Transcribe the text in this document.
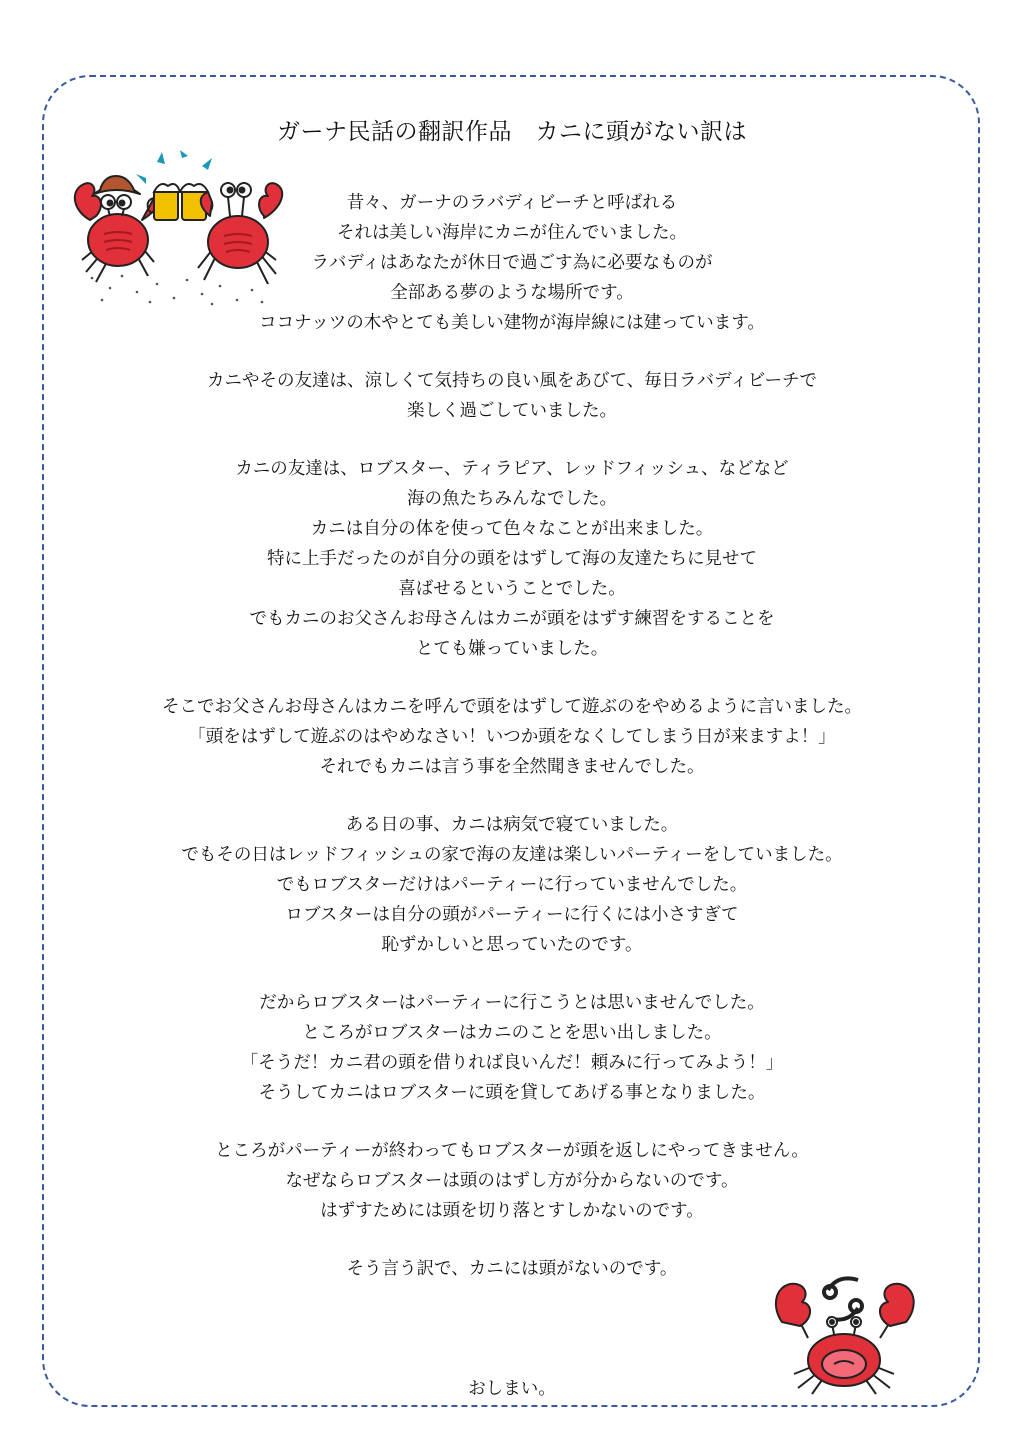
ガーナ民話の翻訳作品　カニに頭がない訳は
昔々、ガーナのラバディビーチと呼ばれる
それは美しい海岸にカニが住んでいました。
ラバディはあなたが休日で過ごす為に必要なものが
全部ある夢のような場所です。
ココナッツの木やとても美しい建物が海岸線には建っています。
カニやその友達は、涼しくて気持ちの良い風をあびて、毎日ラバディビーチで
楽しく過ごしていました。
カニの友達は、ロブスター、ティラピア、レッドフィッシュ、などなど
海の魚たちみんなでした。
カニは自分の体を使って色々なことが出来ました。
特に上手だったのが自分の頭をはずして海の友達たちに見せて
喜ばせるということでした。
でもカニのお父さんお母さんはカニが頭をはずす練習をすることを
とても嫌っていました。
そこでお父さんお母さんはカニを呼んで頭をはずして遊ぶのをやめるように言いました。
「頭をはずして遊ぶのはやめなさい！いつか頭をなくしてしまう日が来ますよ！」
それでもカニは言う事を全然聞きませんでした。
ある日の事、カニは病気で寝ていました。
でもその日はレッドフィッシュの家で海の友達は楽しいパーティーをしていました。
でもロブスターだけはパーティーに行っていませんでした。
ロブスターは自分の頭がパーティーに行くには小さすぎて
恥ずかしいと思っていたのです。
だからロブスターはパーティーに行こうとは思いませんでした。
ところがロブスターはカニのことを思い出しました。
「そうだ！カニ君の頭を借りれば良いんだ！頼みに行ってみよう！」
そうしてカニはロブスターに頭を貸してあげる事となりました。
ところがパーティーが終わってもロブスターが頭を返しにやってきません。
なぜならロブスターは頭のはずし方が分からないのです。
はずすためには頭を切り落とすしかないのです。
そう言う訳で、カニには頭がないのです。
おしまい。
